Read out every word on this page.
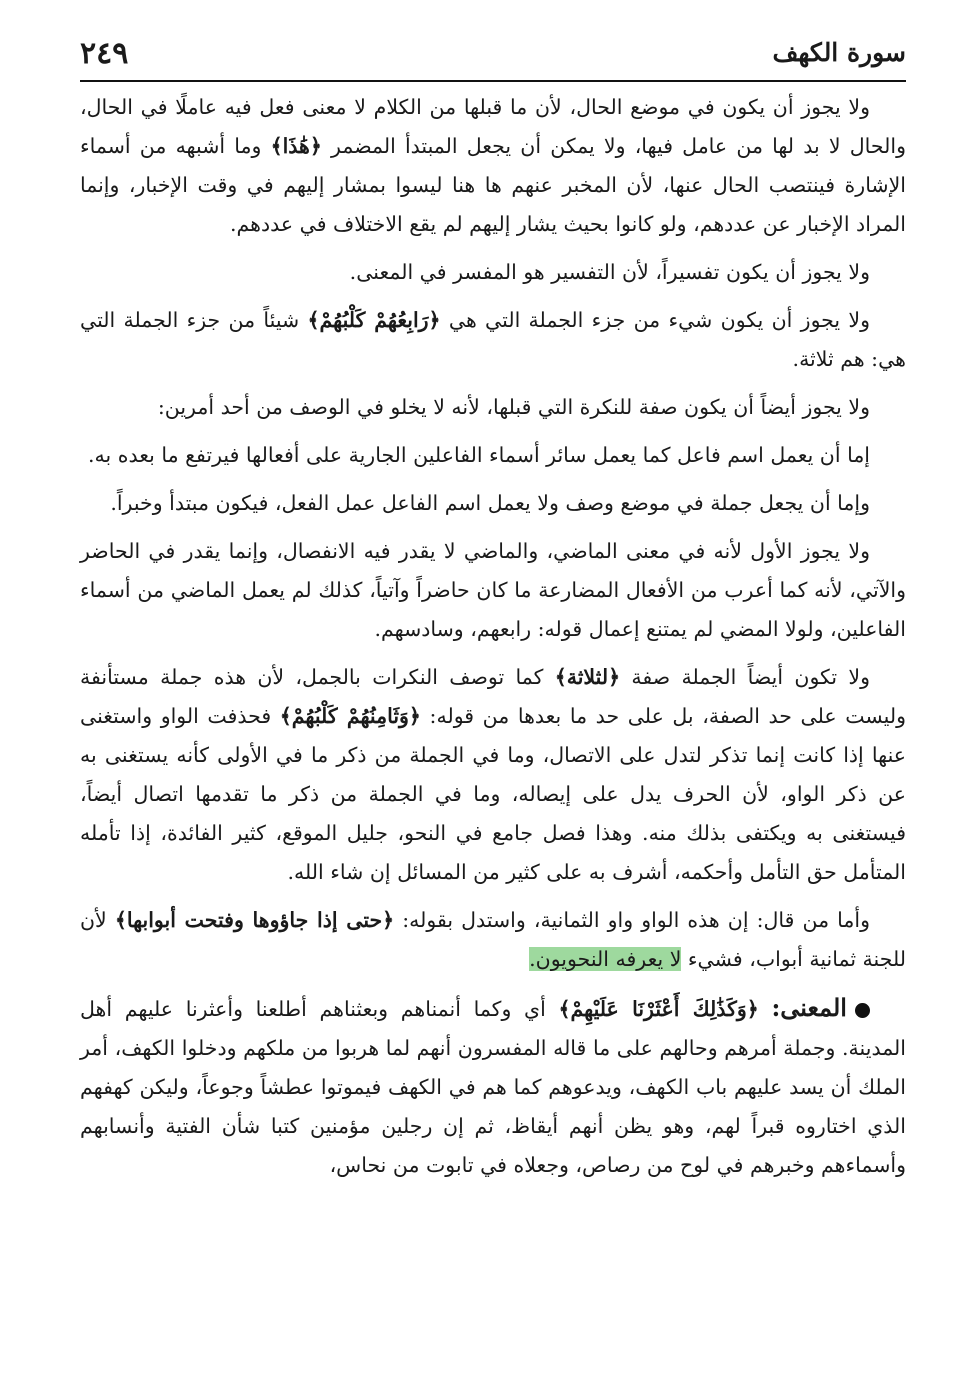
سورة الكهف
٢٤٩

ولا يجوز أن يكون في موضع الحال، لأن ما قبلها من الكلام لا معنى فعل فيه عاملًا في الحال، والحال لا بد لها من عامل فيها، ولا يمكن أن يجعل المبتدأ المضمر ﴿هَٰذَا﴾ وما أشبهه من أسماء الإشارة فينتصب الحال عنها، لأن المخبر عنهم ها هنا ليسوا بمشار إليهم في وقت الإخبار، وإنما المراد الإخبار عن عددهم، ولو كانوا بحيث يشار إليهم لم يقع الاختلاف في عددهم.

ولا يجوز أن يكون تفسيراً، لأن التفسير هو المفسر في المعنى.

ولا يجوز أن يكون شيء من جزء الجملة التي هي ﴿رَابِعُهُمْ كَلْبُهُمْ﴾ شيئاً من جزء الجملة التي هي: هم ثلاثة.

ولا يجوز أيضاً أن يكون صفة للنكرة التي قبلها، لأنه لا يخلو في الوصف من أحد أمرين:

إما أن يعمل اسم فاعل كما يعمل سائر أسماء الفاعلين الجارية على أفعالها فيرتفع ما بعده به.

وإما أن يجعل جملة في موضع وصف ولا يعمل اسم الفاعل عمل الفعل، فيكون مبتدأ وخبراً.

ولا يجوز الأول لأنه في معنى الماضي، والماضي لا يقدر فيه الانفصال، وإنما يقدر في الحاضر والآتي، لأنه كما أعرب من الأفعال المضارعة ما كان حاضراً وآتياً، كذلك لم يعمل الماضي من أسماء الفاعلين، ولولا المضي لم يمتنع إعمال قوله: رابعهم، وسادسهم.

ولا تكون أيضاً الجملة صفة ﴿لثلاثة﴾ كما توصف النكرات بالجمل، لأن هذه جملة مستأنفة وليست على حد الصفة، بل على حد ما بعدها من قوله: ﴿وَثَامِنُهُمْ كَلْبُهُمْ﴾ فحذفت الواو واستغنى عنها إذا كانت إنما تذكر لتدل على الاتصال، وما في الجملة من ذكر ما في الأولى كأنه يستغنى به عن ذكر الواو، لأن الحرف يدل على إيصاله، وما في الجملة من ذكر ما تقدمها اتصال أيضاً، فيستغنى به ويكتفى بذلك منه. وهذا فصل جامع في النحو، جليل الموقع، كثير الفائدة، إذا تأمله المتأمل حق التأمل وأحكمه، أشرف به على كثير من المسائل إن شاء الله.

وأما من قال: إن هذه الواو واو الثمانية، واستدل بقوله: ﴿حتى إذا جاؤوها وفتحت أبوابها﴾ لأن للجنة ثمانية أبواب، فشيء لا يعرفه النحويون.

المعنى: ﴿وَكَذَٰلِكَ أَعْثَرْنَا عَلَيْهِمْ﴾ أي وكما أنمناهم وبعثناهم أطلعنا وأعثرنا عليهم أهل المدينة. وجملة أمرهم وحالهم على ما قاله المفسرون أنهم لما هربوا من ملكهم ودخلوا الكهف، أمر الملك أن يسد عليهم باب الكهف، ويدعوهم كما هم في الكهف فيموتوا عطشاً وجوعاً، وليكن كهفهم الذي اختاروه قبراً لهم، وهو يظن أنهم أيقاظ، ثم إن رجلين مؤمنين كتبا شأن الفتية وأنسابهم وأسماءهم وخبرهم في لوح من رصاص، وجعلاه في تابوت من نحاس،
